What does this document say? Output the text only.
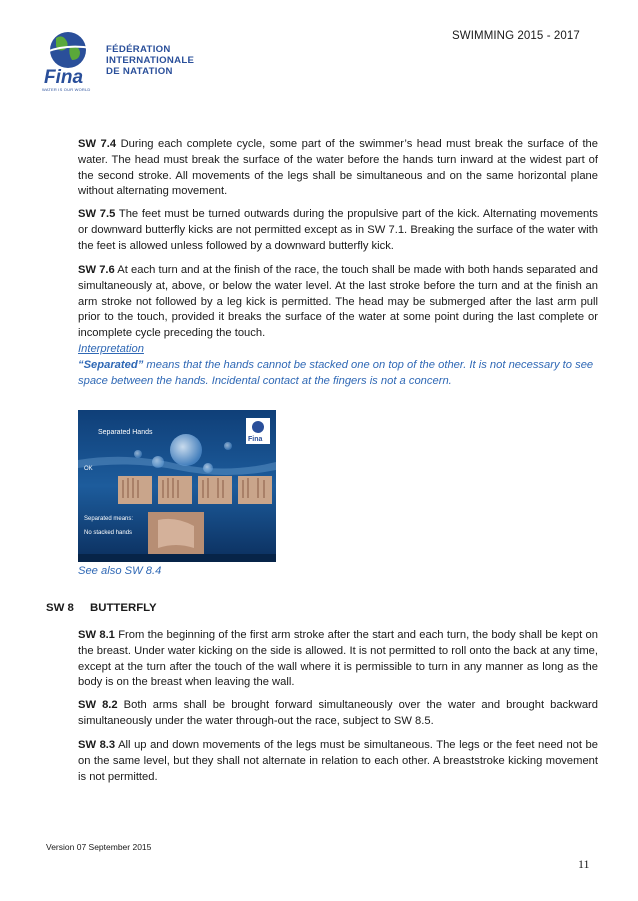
SWIMMING 2015 - 2017
Fina
FÉDÉRATION
INTERNATIONALE
DE NATATION
WATER IS OUR WORLD

SW 7.4 During each complete cycle, some part of the swimmer’s head must break the surface of the water. The head must break the surface of the water before the hands turn inward at the widest part of the second stroke. All movements of the legs shall be simultaneous and on the same horizontal plane without alternating movement.

SW 7.5 The feet must be turned outwards during the propulsive part of the kick. Alternating movements or downward butterfly kicks are not permitted except as in SW 7.1. Breaking the surface of the water with the feet is allowed unless followed by a downward butterfly kick.

SW 7.6 At each turn and at the finish of the race, the touch shall be made with both hands separated and simultaneously at, above, or below the water level. At the last stroke before the turn and at the finish an arm stroke not followed by a leg kick is permitted. The head may be submerged after the last arm pull prior to the touch, provided it breaks the surface of the water at some point during the last complete or incomplete cycle preceding the touch.

Interpretation
“Separated” means that the hands cannot be stacked one on top of the other. It is not necessary to see space between the hands. Incidental contact at the fingers is not a concern.
Fina
Separated Hands
OK
Separated means:
No stacked hands
See also SW 8.4
SW 8 BUTTERFLY

SW 8.1 From the beginning of the first arm stroke after the start and each turn, the body shall be kept on the breast. Under water kicking on the side is allowed. It is not permitted to roll onto the back at any time, except at the turn after the touch of the wall where it is permissible to turn in any manner as long as the body is on the breast when leaving the wall.

SW 8.2 Both arms shall be brought forward simultaneously over the water and brought backward simultaneously under the water through-out the race, subject to SW 8.5.

SW 8.3 All up and down movements of the legs must be simultaneous. The legs or the feet need not be on the same level, but they shall not alternate in relation to each other. A breaststroke kicking movement is not permitted.

Version 07 September 2015
11
